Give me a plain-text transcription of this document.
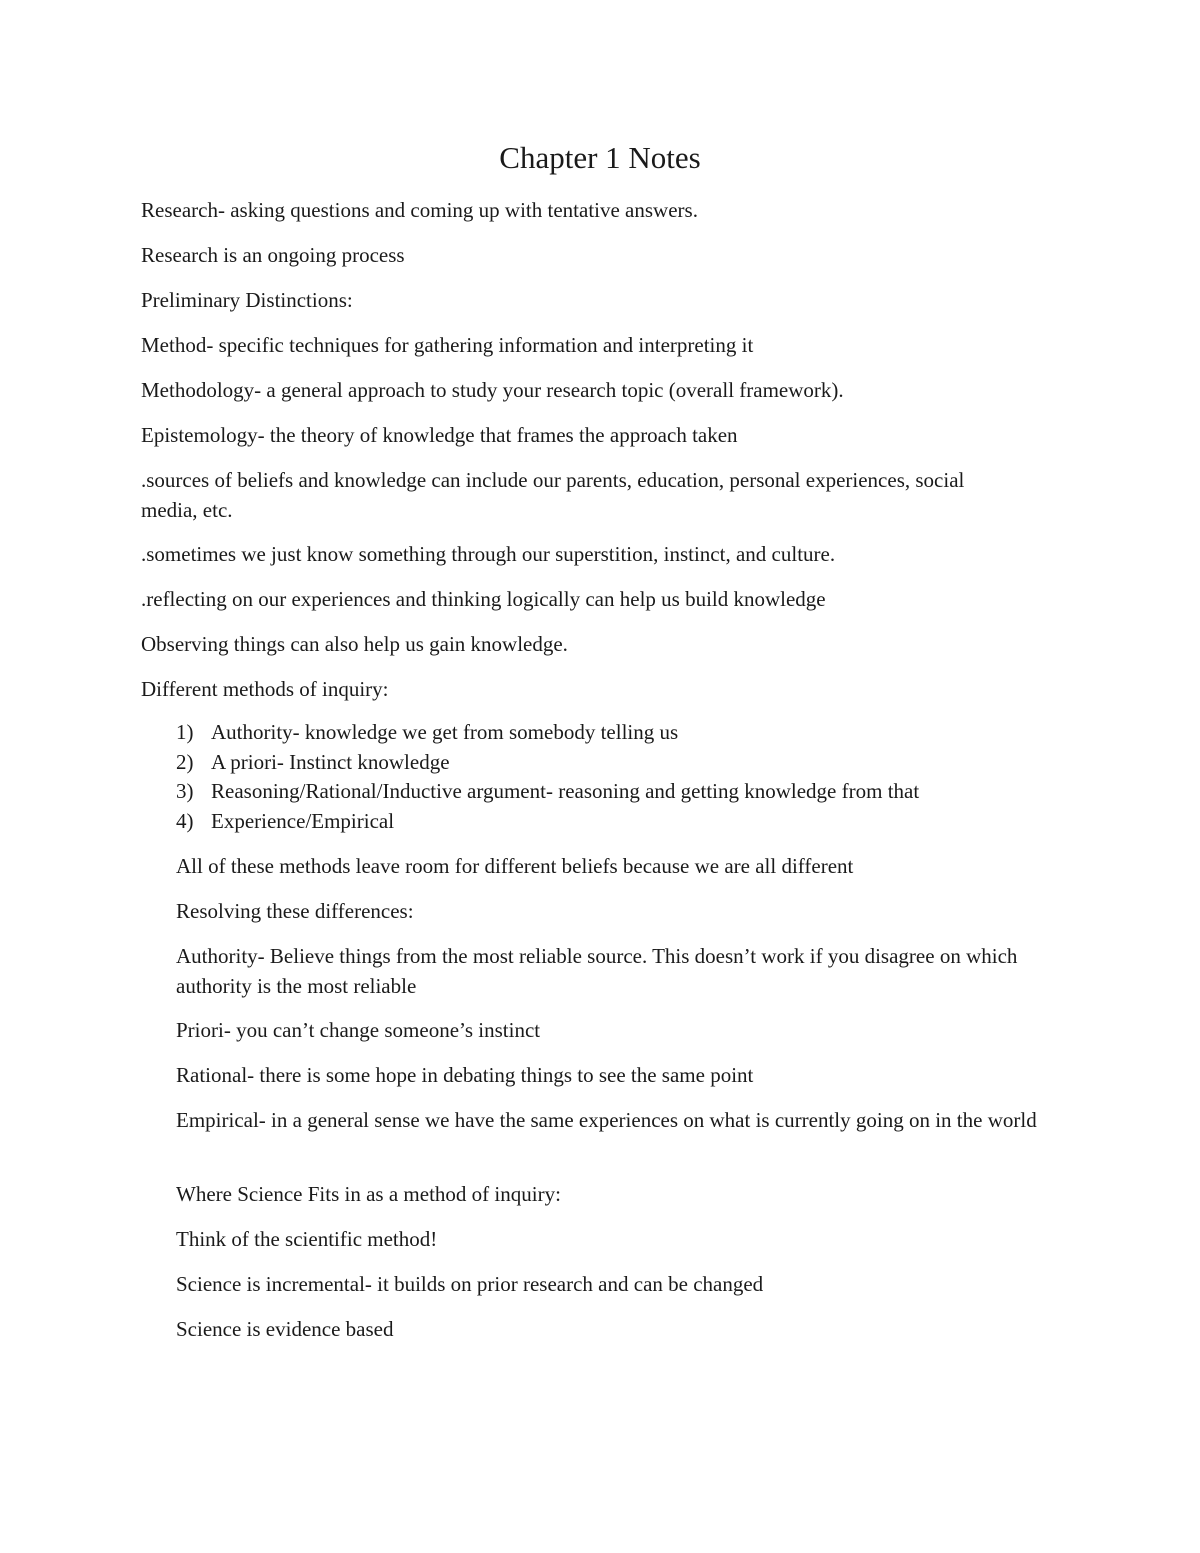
Chapter 1 Notes

Research- asking questions and coming up with tentative answers.

Research is an ongoing process

Preliminary Distinctions:

Method- specific techniques for gathering information and interpreting it

Methodology- a general approach to study your research topic (overall framework).

Epistemology- the theory of knowledge that frames the approach taken

.sources of beliefs and knowledge can include our parents, education, personal experiences, social media, etc.

.sometimes we just know something through our superstition, instinct, and culture.

.reflecting on our experiences and thinking logically can help us build knowledge

Observing things can also help us gain knowledge.

Different methods of inquiry:

1) Authority- knowledge we get from somebody telling us
2) A priori- Instinct knowledge
3) Reasoning/Rational/Inductive argument- reasoning and getting knowledge from that
4) Experience/Empirical

All of these methods leave room for different beliefs because we are all different

Resolving these differences:

Authority- Believe things from the most reliable source. This doesn’t work if you disagree on which authority is the most reliable

Priori- you can’t change someone’s instinct

Rational- there is some hope in debating things to see the same point

Empirical- in a general sense we have the same experiences on what is currently going on in the world

Where Science Fits in as a method of inquiry:

Think of the scientific method!

Science is incremental- it builds on prior research and can be changed

Science is evidence based
